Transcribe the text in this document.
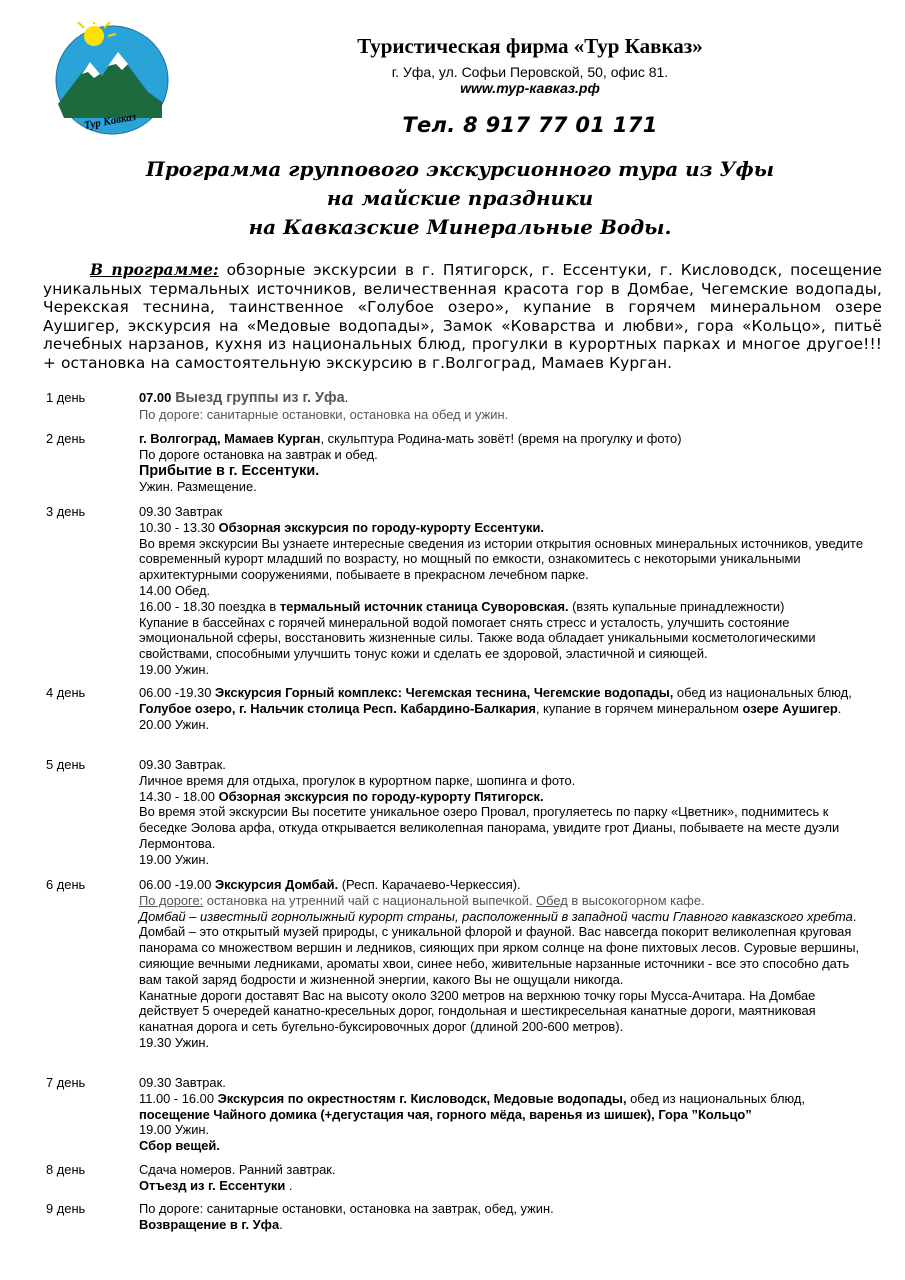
Тур Кавказ
Туристическая фирма «Тур Кавказ»
г. Уфа, ул. Софьи Перовской, 50, офис 81.
www.тур-кавказ.рф
Тел. 8 917 77 01 171
Программа группового экскурсионного тура из Уфы
на майские праздники
на Кавказские Минеральные Воды.
В программе: обзорные экскурсии в г. Пятигорск, г. Ессентуки, г. Кисловодск, посещение уникальных термальных источников, величественная красота гор в Домбае, Чегемские водопады, Черекская теснина, таинственное «Голубое озеро», купание в горячем минеральном озере Аушигер, экскурсия на «Медовые водопады», Замок «Коварства и любви», гора «Кольцо», питьё лечебных нарзанов, кухня из национальных блюд, прогулки в курортных парках и многое другое!!! + остановка на самостоятельную экскурсию в г.Волгоград, Мамаев Курган.
1 день	07.00 Выезд группы из г. Уфа.

По дороге: санитарные остановки, остановка на обед и ужин.

2 день	г. Волгоград, Мамаев Курган, скульптура Родина-мать зовёт! (время на прогулку и фото)

По дороге остановка на завтрак и обед.

Прибытие в г. Ессентуки.

Ужин. Размещение.

3 день	09.30 Завтрак

10.30 - 13.30 Обзорная экскурсия по городу-курорту Ессентуки.

Во время экскурсии Вы узнаете интересные сведения из истории открытия основных минеральных источников, уведите современный курорт младший по возрасту, но мощный по емкости, ознакомитесь с некоторыми уникальными архитектурными сооружениями, побываете в прекрасном лечебном парке.

14.00 Обед.

16.00 - 18.30 поездка в термальный источник станица Суворовская. (взять купальные принадлежности)

Купание в бассейнах с горячей минеральной водой помогает снять стресс и усталость, улучшить состояние эмоциональной сферы, восстановить жизненные силы. Также вода обладает уникальными косметологическими свойствами, способными улучшить тонус кожи и сделать ее здоровой, эластичной и сияющей.

19.00 Ужин.

4 день	06.00 -19.30 Экскурсия Горный комплекс: Чегемская теснина, Чегемские водопады, обед из национальных блюд, Голубое озеро, г. Нальчик столица Респ. Кабардино-Балкария, купание в горячем минеральном озере Аушигер.

20.00 Ужин.

5 день	09.30 Завтрак.

Личное время для отдыха, прогулок в курортном парке, шопинга и фото.

14.30 - 18.00 Обзорная экскурсия по городу-курорту Пятигорск.

Во время этой экскурсии Вы посетите уникальное озеро Провал, прогуляетесь по парку «Цветник», поднимитесь к беседке Эолова арфа, откуда открывается великолепная панорама, увидите грот Дианы, побываете на месте дуэли Лермонтова.

19.00 Ужин.

6 день	06.00 -19.00 Экскурсия Домбай. (Респ. Карачаево-Черкессия).

По дороге: остановка на утренний чай с национальной выпечкой. Обед в высокогорном кафе.

Домбай – известный горнолыжный курорт страны, расположенный в западной части Главного кавказского хребта. Домбай – это открытый музей природы, с уникальной флорой и фауной. Вас навсегда покорит великолепная круговая панорама со множеством вершин и ледников, сияющих при ярком солнце на фоне пихтовых лесов. Суровые вершины, сияющие вечными ледниками, ароматы хвои, синее небо, живительные нарзанные источники - все это способно дать вам такой заряд бодрости и жизненной энергии, какого Вы не ощущали никогда.

Канатные дороги доставят Вас на высоту около 3200 метров на верхнюю точку горы Мусса-Ачитара. На Домбае действует 5 очередей канатно-кресельных дорог, гондольная и шестикресельная канатные дороги, маятниковая канатная дорога и сеть бугельно-буксировочных дорог (длиной 200-600 метров).

19.30 Ужин.

7 день	09.30 Завтрак.

11.00 - 16.00 Экскурсия по окрестностям г. Кисловодск, Медовые водопады, обед из национальных блюд, посещение Чайного домика (+дегустация чая, горного мёда, варенья из шишек), Гора ”Кольцо”

19.00 Ужин.

Сбор вещей.

8 день	Сдача номеров. Ранний завтрак.

Отъезд из г. Ессентуки .

9 день	По дороге: санитарные остановки, остановка на завтрак, обед, ужин.

Возвращение в г. Уфа.
